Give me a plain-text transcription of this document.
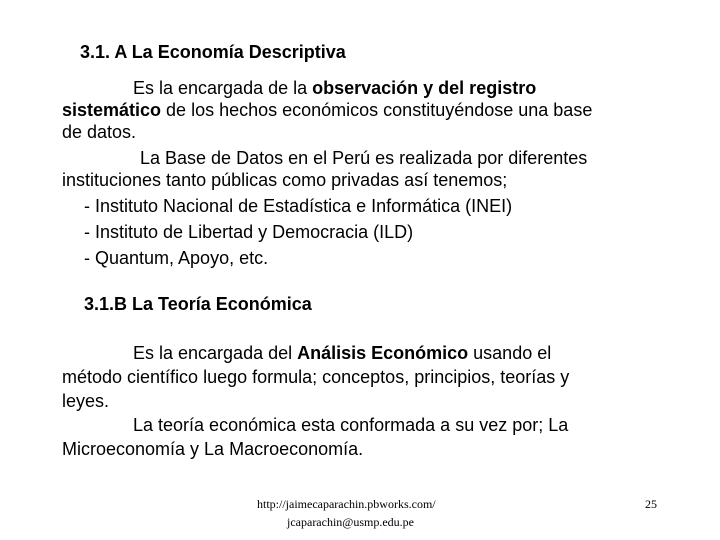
3.1. A La Economía Descriptiva
Es la encargada de la observación y del registro
sistemático de los hechos económicos constituyéndose una base
de datos.
La Base de Datos en el Perú es realizada por diferentes
instituciones tanto públicas como privadas así tenemos;
- Instituto Nacional de Estadística e Informática (INEI)
- Instituto de Libertad y Democracia (ILD)
- Quantum, Apoyo, etc.
3.1.B La Teoría Económica
Es la encargada del Análisis Económico usando el
método científico luego formula; conceptos, principios, teorías y
leyes.
La teoría económica esta conformada a su vez por; La
Microeconomía y La Macroeconomía.
http://jaimecaparachin.pbworks.com/
jcaparachin@usmp.edu.pe
25
